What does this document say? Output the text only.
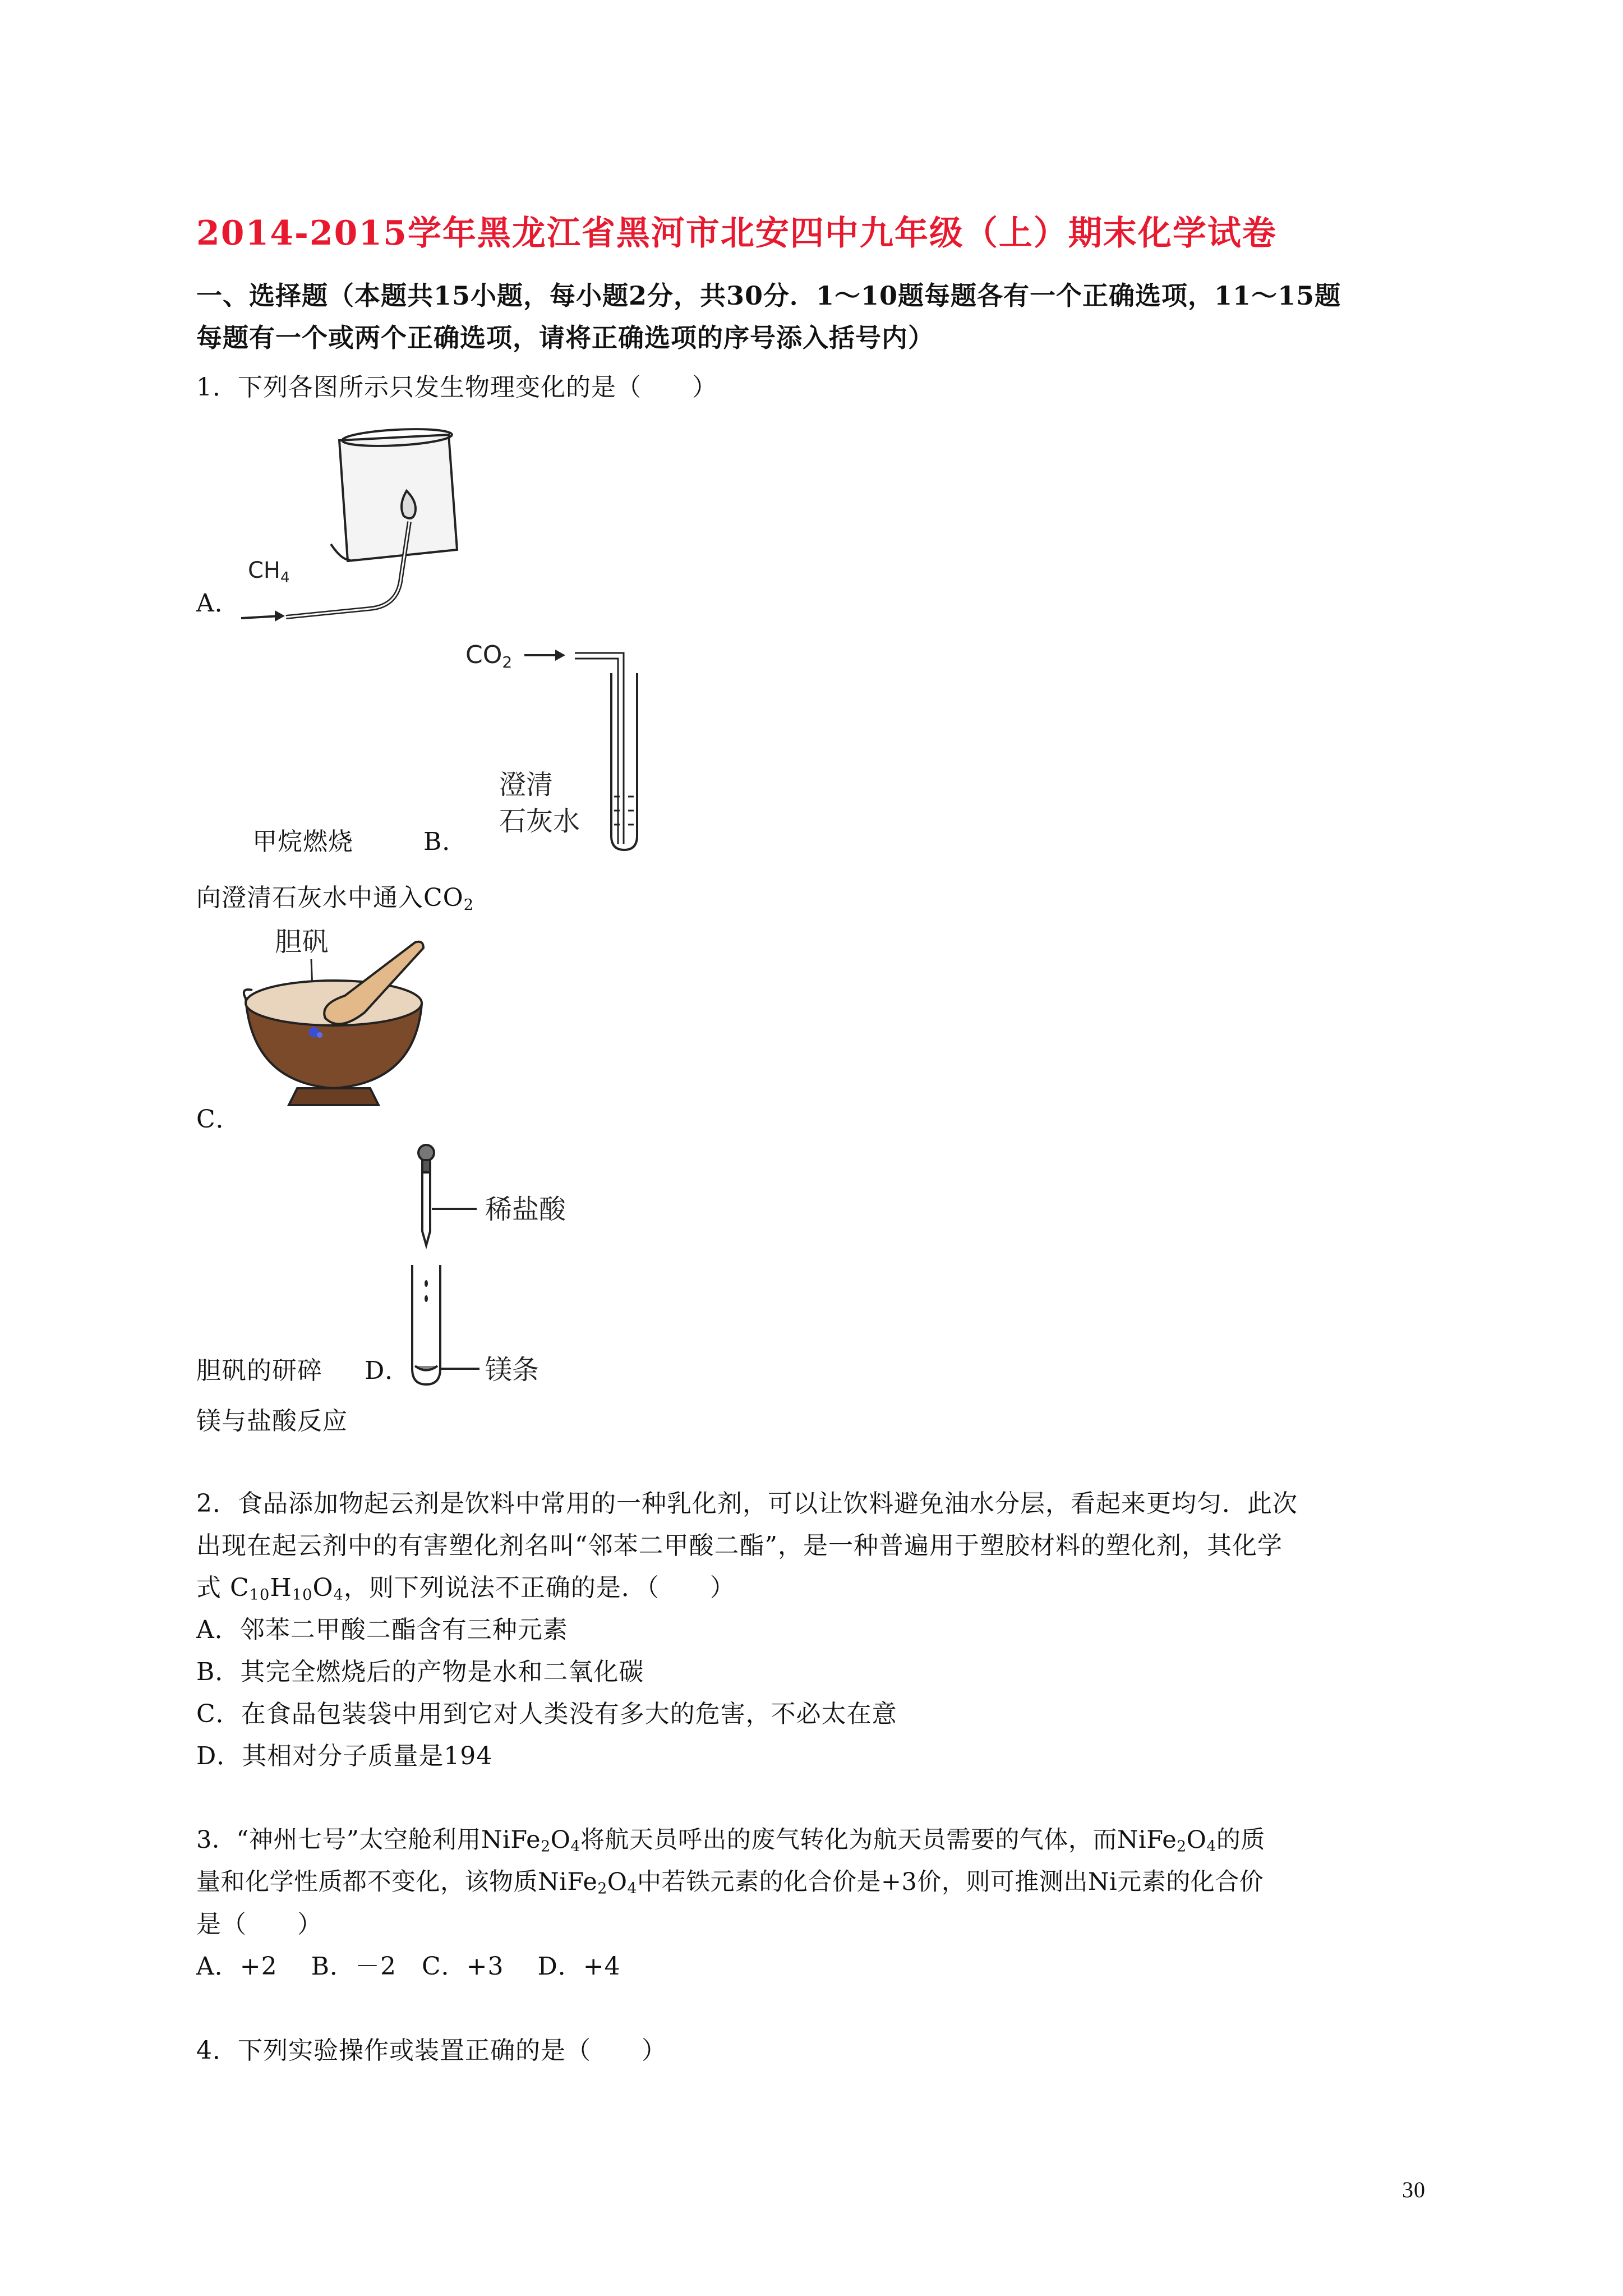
2014-2015学年黑龙江省黑河市北安四中九年级（上）期末化学试卷
一、选择题（本题共15小题，每小题2分，共30分．1～10题每题各有一个正确选项，11～15题
每题有一个或两个正确选项，请将正确选项的序号添入括号内）
1．下列各图所示只发生物理变化的是（　　）
$CH_4$
A．
CO2
澄清
石灰水
甲烷燃烧	B．
向澄清石灰水中通入$CO_2$
胆矾
C．
稀盐酸
镁条
胆矾的研碎 D．
镁与盐酸反应
2．食品添加物起云剂是饮料中常用的一种乳化剂，可以让饮料避免油水分层，看起来更均匀．此次
出现在起云剂中的有害塑化剂名叫“邻苯二甲酸二酯”，是一种普遍用于塑胶材料的塑化剂，其化学
式 $C_{10}H_{10}O_4$，则下列说法不正确的是．（　　）
A．邻苯二甲酸二酯含有三种元素
B．其完全燃烧后的产物是水和二氧化碳
C．在食品包装袋中用到它对人类没有多大的危害，不必太在意
D．其相对分子质量是194
3．“神州七号”太空舱利用$NiFe_2O_4$将航天员呼出的废气转化为航天员需要的气体，而$NiFe_2O_4$的质
量和化学性质都不变化，该物质$NiFe_2O_4$中若铁元素的化合价是+3价，则可推测出Ni元素的化合价
是（　　）
A．+2　 B．－2　C．+3　 D．+4
4．下列实验操作或装置正确的是（　　）
30
